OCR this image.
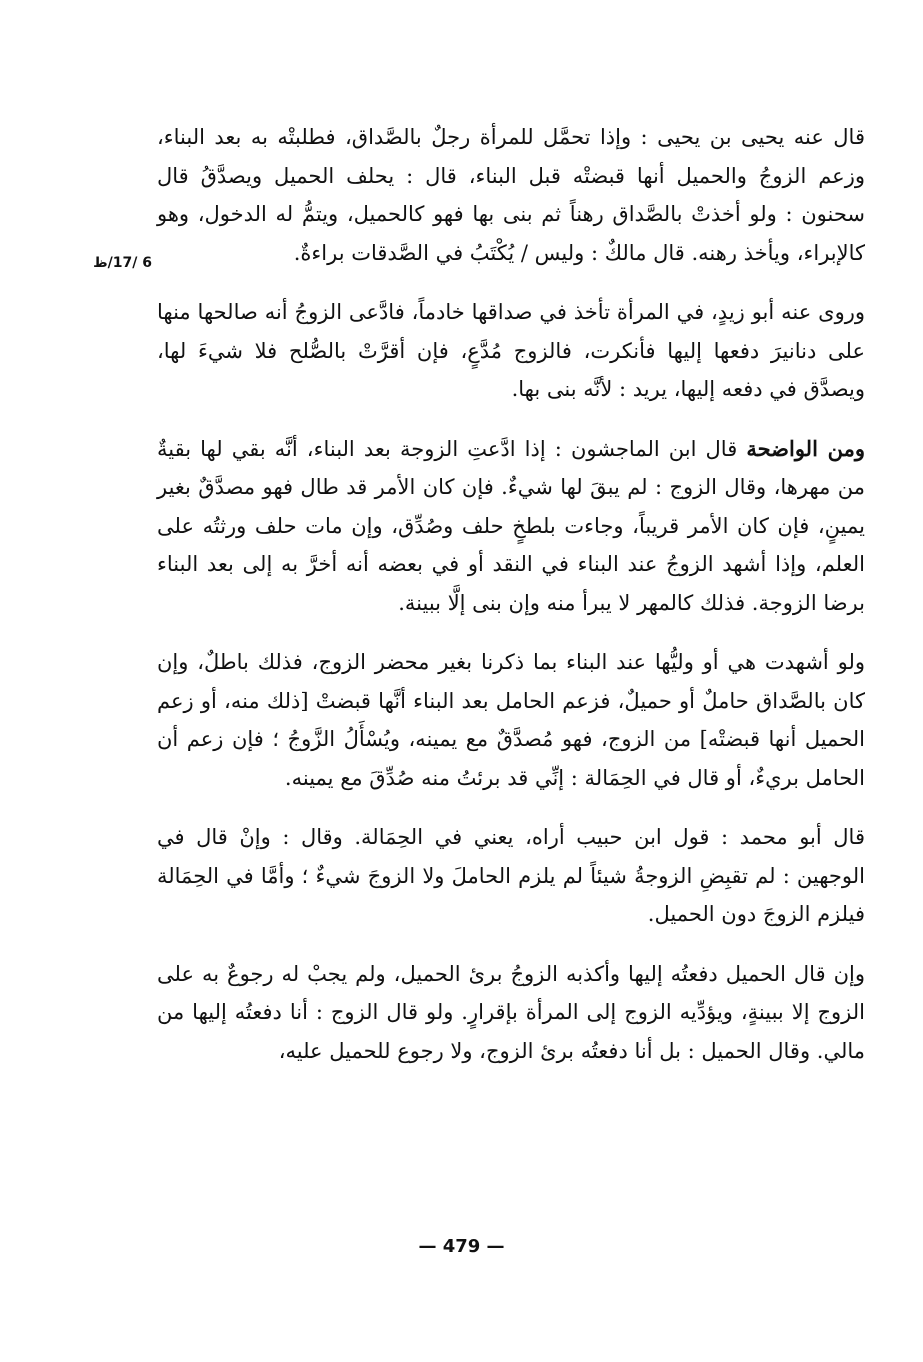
6 /17/ظ

قال عنه يحيى بن يحيى : وإذا تحمَّل للمرأة رجلٌ بالصَّداق، فطلبتْه به بعد البناء، وزعم الزوجُ والحميل أنها قبضتْه قبل البناء، قال : يحلف الحميل ويصدَّقُ قال سحنون : ولو أخذتْ بالصَّداق رهناً ثم بنى بها فهو كالحميل، ويتمُّ له الدخول، وهو كالإبراء، ويأخذ رهنه. قال مالكٌ : وليس / يُكْتَبُ في الصَّدقات براءةٌ.

وروى عنه أبو زيدٍ، في المرأة تأخذ في صداقها خادماً، فادَّعى الزوجُ أنه صالحها منها على دنانيرَ دفعها إليها فأنكرت، فالزوج مُدَّعٍ، فإن أقرَّتْ بالصُّلح فلا شيءَ لها، ويصدَّق في دفعه إليها، يريد : لأنَّه بنى بها.

ومن الواضحة قال ابن الماجشون : إذا ادَّعتِ الزوجة بعد البناء، أنَّه بقي لها بقيةٌ من مهرها، وقال الزوج : لم يبقَ لها شيءٌ. فإن كان الأمر قد طال فهو مصدَّقٌ بغير يمينٍ، فإن كان الأمر قريباً، وجاءت بلطخٍ حلف وصُدِّق، وإن مات حلف ورثتُه على العلم، وإذا أشهد الزوجُ عند البناء في النقد أو في بعضه أنه أخرَّ به إلى بعد البناء برضا الزوجة. فذلك كالمهر لا يبرأ منه وإن بنى إلَّا ببينة.

ولو أشهدت هي أو وليُّها عند البناء بما ذكرنا بغير محضر الزوج، فذلك باطلٌ، وإن كان بالصَّداق حاملٌ أو حميلٌ، فزعم الحامل بعد البناء أنَّها قبضتْ [ذلك منه، أو زعم الحميل أنها قبضتْه] من الزوج، فهو مُصدَّقٌ مع يمينه، ويُسْأَلُ الزَّوجُ ؛ فإن زعم أن الحامل بريءٌ، أو قال في الحِمَالة : إنِّي قد برئتُ منه صُدِّقَ مع يمينه.

قال أبو محمد : قول ابن حبيب أراه، يعني في الحِمَالة. وقال : وإنْ قال في الوجهين : لم تقبِضِ الزوجةُ شيئاً لم يلزم الحاملَ ولا الزوجَ شيءٌ ؛ وأمَّا في الحِمَالة فيلزم الزوجَ دون الحميل.

وإن قال الحميل دفعتُه إليها وأكذبه الزوجُ برئ الحميل، ولم يجبْ له رجوعٌ به على الزوج إلا ببينةٍ، ويؤدِّيه الزوج إلى المرأة بإقرارٍ. ولو قال الزوج : أنا دفعتُه إليها من مالي. وقال الحميل : بل أنا دفعتُه برئ الزوج، ولا رجوع للحميل عليه،

— 479 —
